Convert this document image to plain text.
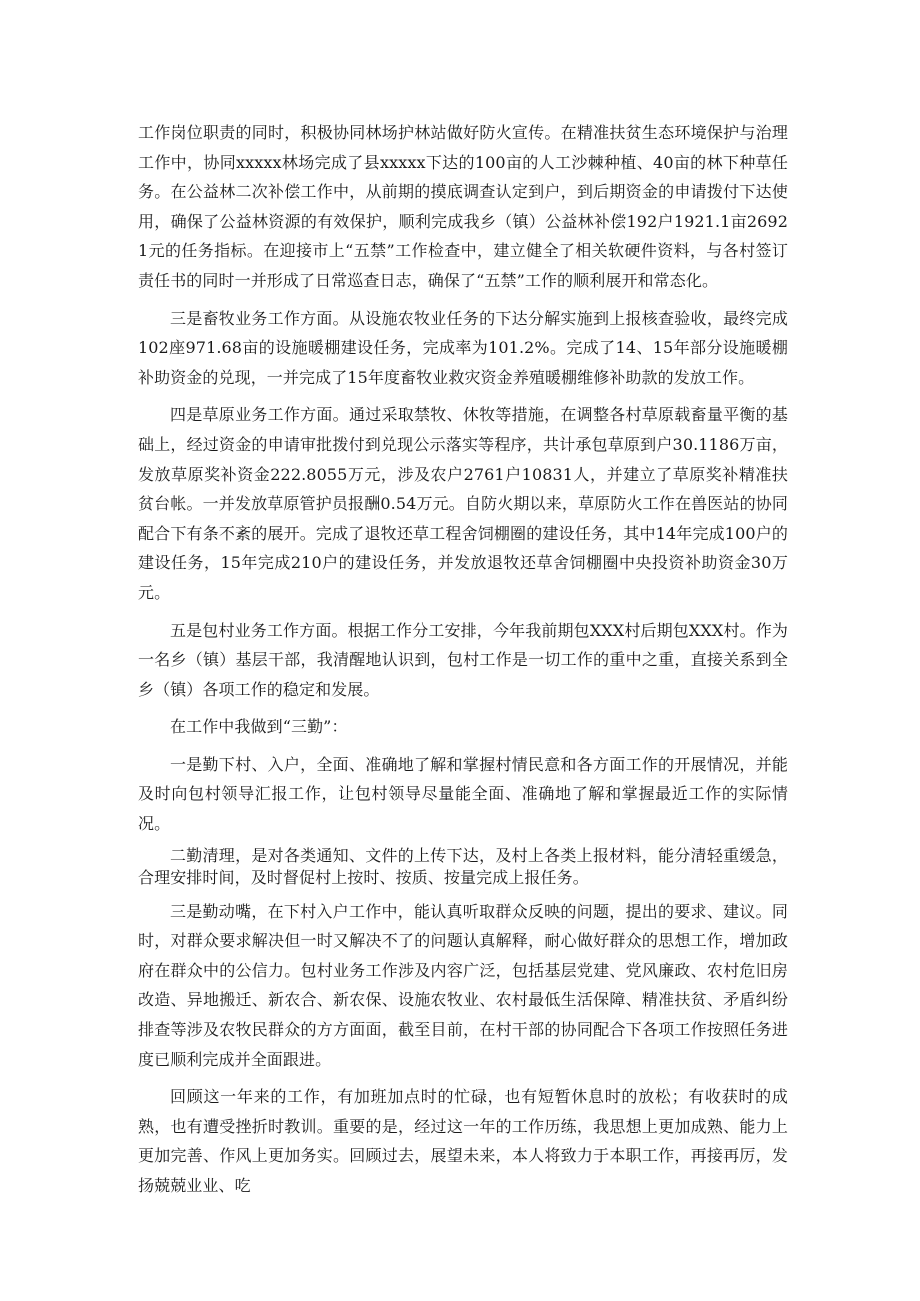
工作岗位职责的同时，积极协同林场护林站做好防火宣传。在精准扶贫生态环境保护与治理工作中，协同xxxxx林场完成了县xxxxx下达的100亩的人工沙棘种植、40亩的林下种草任务。在公益林二次补偿工作中，从前期的摸底调查认定到户，到后期资金的申请拨付下达使用，确保了公益林资源的有效保护，顺利完成我乡（镇）公益林补偿192户1921.1亩26921元的任务指标。在迎接市上“五禁”工作检查中，建立健全了相关软硬件资料，与各村签订责任书的同时一并形成了日常巡查日志，确保了“五禁”工作的顺利展开和常态化。

三是畜牧业务工作方面。从设施农牧业任务的下达分解实施到上报核查验收，最终完成102座971.68亩的设施暖棚建设任务，完成率为101.2%。完成了14、15年部分设施暖棚补助资金的兑现，一并完成了15年度畜牧业救灾资金养殖暖棚维修补助款的发放工作。

四是草原业务工作方面。通过采取禁牧、休牧等措施，在调整各村草原载畜量平衡的基础上，经过资金的申请审批拨付到兑现公示落实等程序，共计承包草原到户30.1186万亩，发放草原奖补资金222.8055万元，涉及农户2761户10831人，并建立了草原奖补精准扶贫台帐。一并发放草原管护员报酬0.54万元。自防火期以来，草原防火工作在兽医站的协同配合下有条不紊的展开。完成了退牧还草工程舍饲棚圈的建设任务，其中14年完成100户的建设任务，15年完成210户的建设任务，并发放退牧还草舍饲棚圈中央投资补助资金30万元。

五是包村业务工作方面。根据工作分工安排，今年我前期包XXX村后期包XXX村。作为一名乡（镇）基层干部，我清醒地认识到，包村工作是一切工作的重中之重，直接关系到全乡（镇）各项工作的稳定和发展。

在工作中我做到“三勤”：

一是勤下村、入户，全面、准确地了解和掌握村情民意和各方面工作的开展情况，并能及时向包村领导汇报工作，让包村领导尽量能全面、准确地了解和掌握最近工作的实际情况。

二勤清理，是对各类通知、文件的上传下达，及村上各类上报材料，能分清轻重缓急，合理安排时间，及时督促村上按时、按质、按量完成上报任务。

三是勤动嘴，在下村入户工作中，能认真听取群众反映的问题，提出的要求、建议。同时，对群众要求解决但一时又解决不了的问题认真解释，耐心做好群众的思想工作，增加政府在群众中的公信力。包村业务工作涉及内容广泛，包括基层党建、党风廉政、农村危旧房改造、异地搬迁、新农合、新农保、设施农牧业、农村最低生活保障、精准扶贫、矛盾纠纷排查等涉及农牧民群众的方方面面，截至目前，在村干部的协同配合下各项工作按照任务进度已顺利完成并全面跟进。

回顾这一年来的工作，有加班加点时的忙碌，也有短暂休息时的放松；有收获时的成熟，也有遭受挫折时教训。重要的是，经过这一年的工作历练，我思想上更加成熟、能力上更加完善、作风上更加务实。回顾过去，展望未来，本人将致力于本职工作，再接再厉，发扬兢兢业业、吃
